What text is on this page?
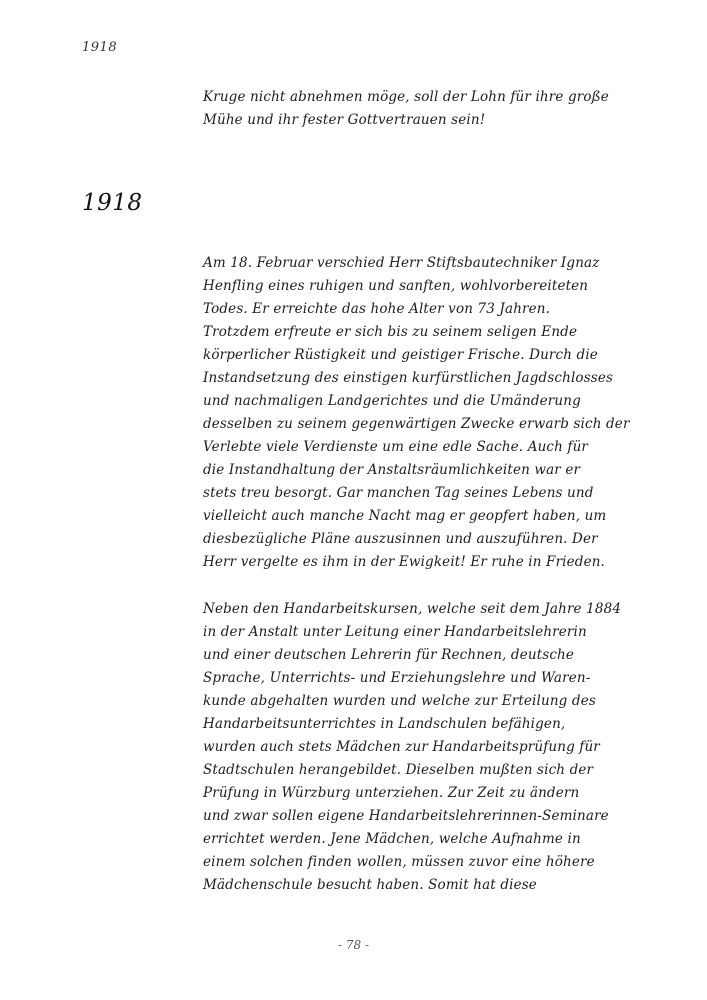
1918
Kruge nicht abnehmen möge, soll der Lohn für ihre große
Mühe und ihr fester Gottvertrauen sein!
1918
Am 18. Februar verschied Herr Stiftsbautechniker Ignaz
Henfling eines ruhigen und sanften, wohlvorbereiteten
Todes. Er erreichte das hohe Alter von 73 Jahren.
Trotzdem erfreute er sich bis zu seinem seligen Ende
körperlicher Rüstigkeit und geistiger Frische. Durch die
Instandsetzung des einstigen kurfürstlichen Jagdschlosses
und nachmaligen Landgerichtes und die Umänderung
desselben zu seinem gegenwärtigen Zwecke erwarb sich der
Verlebte viele Verdienste um eine edle Sache. Auch für
die Instandhaltung der Anstaltsräumlichkeiten war er
stets treu besorgt. Gar manchen Tag seines Lebens und
vielleicht auch manche Nacht mag er geopfert haben, um
diesbezügliche Pläne auszusinnen und auszuführen. Der
Herr vergelte es ihm in der Ewigkeit! Er ruhe in Frieden.
Neben den Handarbeitskursen, welche seit dem Jahre 1884
in der Anstalt unter Leitung einer Handarbeitslehrerin
und einer deutschen Lehrerin für Rechnen, deutsche
Sprache, Unterrichts- und Erziehungslehre und Waren-
kunde abgehalten wurden und welche zur Erteilung des
Handarbeitsunterrichtes in Landschulen befähigen,
wurden auch stets Mädchen zur Handarbeitsprüfung für
Stadtschulen herangebildet. Dieselben mußten sich der
Prüfung in Würzburg unterziehen. Zur Zeit zu ändern
und zwar sollen eigene Handarbeitslehrerinnen-Seminare
errichtet werden. Jene Mädchen, welche Aufnahme in
einem solchen finden wollen, müssen zuvor eine höhere
Mädchenschule besucht haben. Somit hat diese
- 78 -
